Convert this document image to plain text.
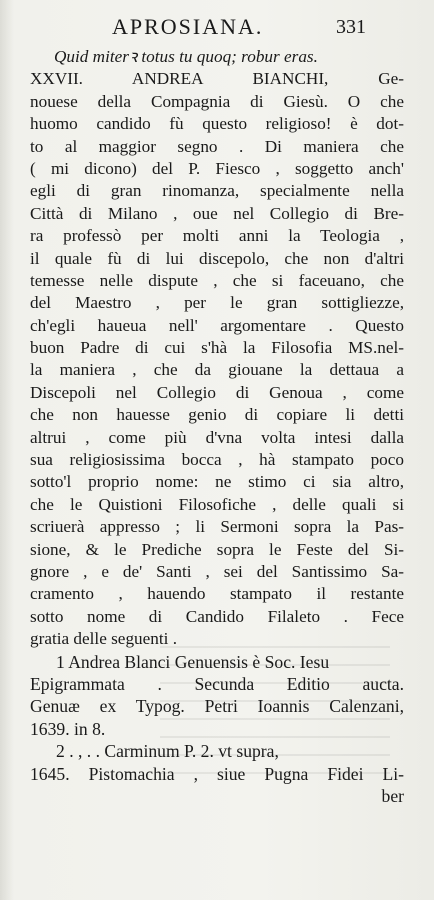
APROSIANA.	331
Quid miterꝛ totus tu quoq; robur eras.
XXVII. ANDREA BIANCHI, Ge-
nouese della Compagnia di Giesù. O che
huomo candido fù questo religioso! è dot-
to al maggior segno . Di maniera che
( mi dicono) del P. Fiesco , soggetto anch'
egli di gran rinomanza, specialmente nella
Città di Milano , oue nel Collegio di Bre-
ra professò per molti anni la Teologia ,
il quale fù di lui discepolo, che non d'altri
temesse nelle dispute , che si faceuano, che
del Maestro , per le gran sottigliezze,
ch'egli haueua nell' argomentare . Questo
buon Padre di cui s'hà la Filosofia MS.nel-
la maniera , che da giouane la dettaua a
Discepoli nel Collegio di Genoua , come
che non hauesse genio di copiare li detti
altrui , come più d'vna volta intesi dalla
sua religiosissima bocca , hà stampato poco
sotto'l proprio nome: ne stimo ci sia altro,
che le Quistioni Filosofiche , delle quali si
scriuerà appresso ; li Sermoni sopra la Pas-
sione, & le Prediche sopra le Feste del Si-
gnore , e de' Santi , sei del Santissimo Sa-
cramento , hauendo stampato il restante
sotto nome di Candido Filaleto . Fece
gratia delle seguenti .
1 Andrea Blanci Genuensis è Soc. Iesu
Epigrammata . Secunda Editio aucta.
Genuæ ex Typog. Petri Ioannis Calenzani,
1639. in 8.
2 . , . . Carminum P. 2. vt supra,
1645. Pistomachia , siue Pugna Fidei Li-
ber
